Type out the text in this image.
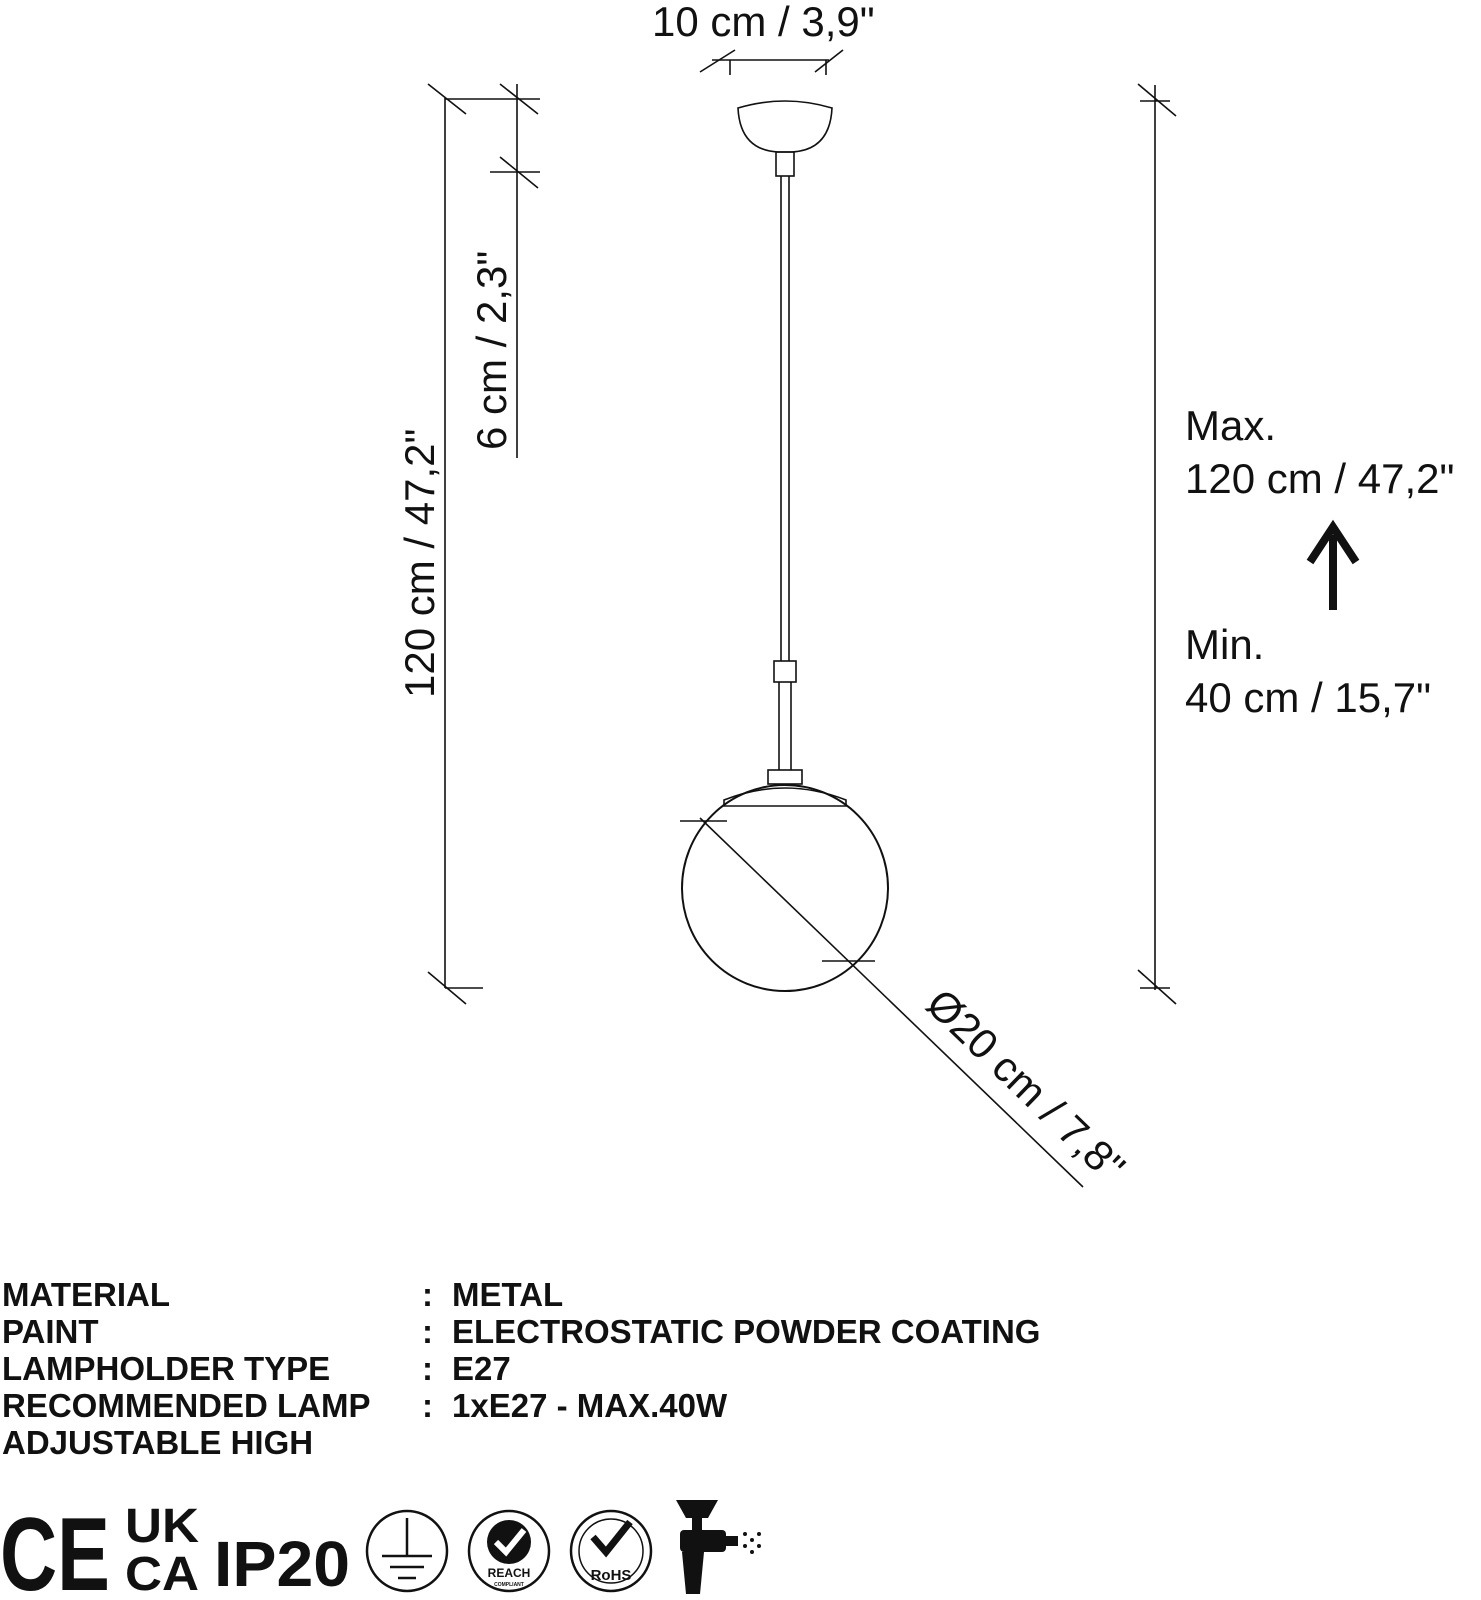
10 cm / 3,9"
120 cm / 47,2"
6 cm / 2,3"
Ø20 cm / 7,8"
Max.
120 cm / 47,2"
Min.
40 cm / 15,7"
MATERIAL	: METAL
PAINT	: ELECTROSTATIC POWDER COATING
LAMPHOLDER TYPE	: E27
RECOMMENDED LAMP	: 1xE27 - MAX.40W
ADJUSTABLE HIGH
CE UK
CA IP20	REACH
COMPLIANT
RoHS
